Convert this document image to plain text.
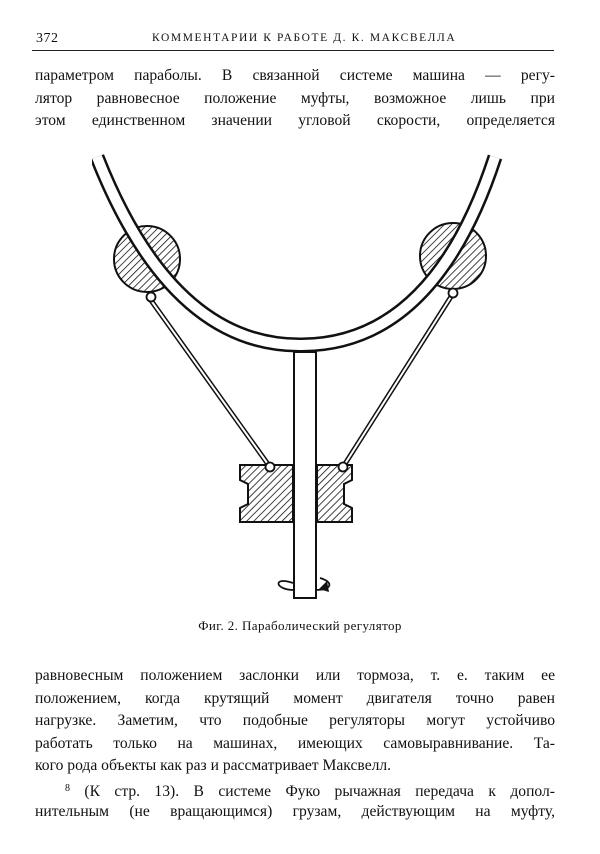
372	КОММЕНТАРИИ К РАБОТЕ Д. К. МАКСВЕЛЛА
параметром параболы. В связанной системе машина — регу-
лятор равновесное положение муфты, возможное лишь при
этом единственном значении угловой скорости, определяется
Фиг. 2. Параболический регулятор
равновесным положением заслонки или тормоза, т. е. таким ее
положением, когда крутящий момент двигателя точно равен
нагрузке. Заметим, что подобные регуляторы могут устойчиво
работать только на машинах, имеющих самовыравнивание. Та-
кого рода объекты как раз и рассматривает Максвелл.
$^8$ (К стр. 13). В системе Фуко рычажная передача к допол-
нительным (не вращающимся) грузам, действующим на муфту,
